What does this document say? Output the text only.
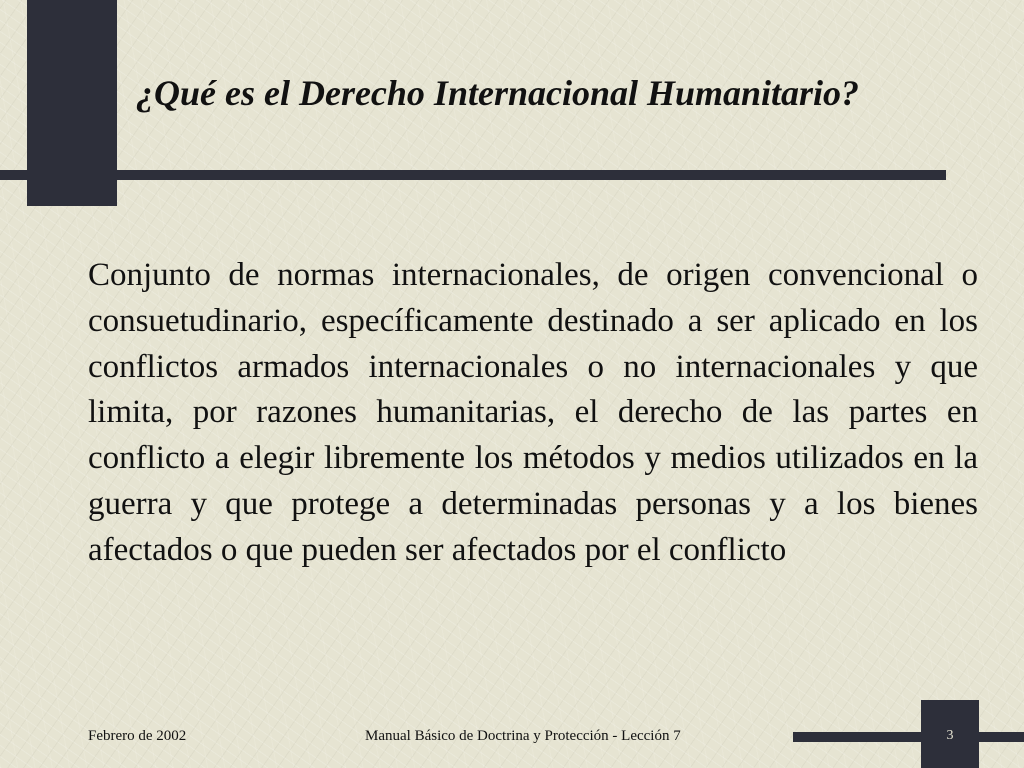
¿Qué es el Derecho Internacional Humanitario?

Conjunto de normas internacionales, de origen convencional o consuetudinario, específicamente destinado a ser aplicado en los conflictos armados internacionales o no internacionales y que limita, por razones humanitarias, el derecho de las partes en conflicto a elegir libremente los métodos y medios utilizados en la guerra y que protege a determinadas personas y a los bienes afectados o que pueden ser afectados por el conflicto

Febrero de 2002	Manual Básico de Doctrina y Protección - Lección 7	3
